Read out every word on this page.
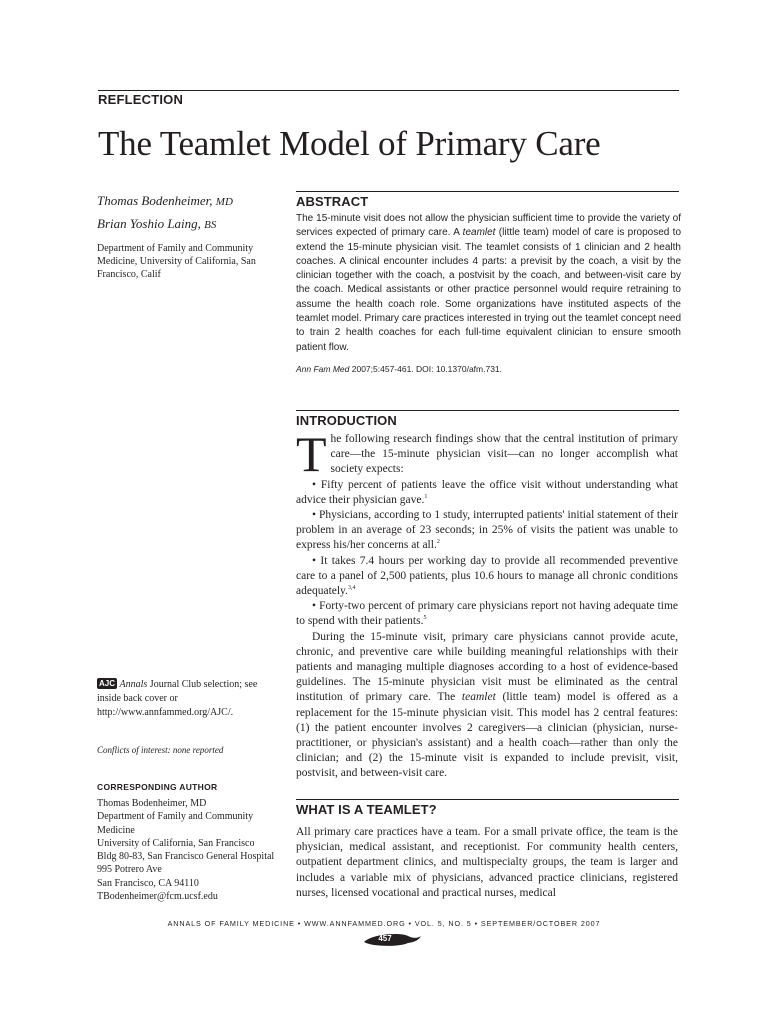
REFLECTION
The Teamlet Model of Primary Care

Thomas Bodenheimer, MD

Brian Yoshio Laing, BS

Department of Family and Community Medicine, University of California, San Francisco, Calif
AJC Annals Journal Club selection; see inside back cover or http://www.annfammed.org/AJC/.
Conflicts of interest: none reported
CORRESPONDING AUTHOR
Thomas Bodenheimer, MD
Department of Family and Community
Medicine
University of California, San Francisco
Bldg 80-83, San Francisco General Hospital
995 Potrero Ave
San Francisco, CA 94110
TBodenheimer@fcm.ucsf.edu
ABSTRACT
The 15-minute visit does not allow the physician sufficient time to provide the variety of services expected of primary care. A teamlet (little team) model of care is proposed to extend the 15-minute physician visit. The teamlet consists of 1 clinician and 2 health coaches. A clinical encounter includes 4 parts: a previsit by the coach, a visit by the clinician together with the coach, a postvisit by the coach, and between-visit care by the coach. Medical assistants or other practice personnel would require retraining to assume the health coach role. Some organizations have instituted aspects of the teamlet model. Primary care practices interested in trying out the teamlet concept need to train 2 health coaches for each full-time equivalent clinician to ensure smooth patient flow.
Ann Fam Med 2007;5:457-461. DOI: 10.1370/afm.731.
INTRODUCTION

The following research findings show that the central institution of primary care—the 15-minute physician visit—can no longer accomplish what society expects:

• Fifty percent of patients leave the office visit without understanding what advice their physician gave.$^1$

• Physicians, according to 1 study, interrupted patients' initial statement of their problem in an average of 23 seconds; in 25% of visits the patient was unable to express his/her concerns at all.$^2$

• It takes 7.4 hours per working day to provide all recommended preventive care to a panel of 2,500 patients, plus 10.6 hours to manage all chronic conditions adequately.$^{3,4}$

• Forty-two percent of primary care physicians report not having adequate time to spend with their patients.$^5$

During the 15-minute visit, primary care physicians cannot provide acute, chronic, and preventive care while building meaningful relationships with their patients and managing multiple diagnoses according to a host of evidence-based guidelines. The 15-minute physician visit must be eliminated as the central institution of primary care. The teamlet (little team) model is offered as a replacement for the 15-minute physician visit. This model has 2 central features: (1) the patient encounter involves 2 caregivers—a clinician (physician, nurse-practitioner, or physician's assistant) and a health coach—rather than only the clinician; and (2) the 15-minute visit is expanded to include previsit, visit, postvisit, and between-visit care.

WHAT IS A TEAMLET?

All primary care practices have a team. For a small private office, the team is the physician, medical assistant, and receptionist. For community health centers, outpatient department clinics, and multispecialty groups, the team is larger and includes a variable mix of physicians, advanced practice clinicians, registered nurses, licensed vocational and practical nurses, medical

ANNALS OF FAMILY MEDICINE • WWW.ANNFAMMED.ORG • VOL. 5, NO. 5 • SEPTEMBER/OCTOBER 2007
457
